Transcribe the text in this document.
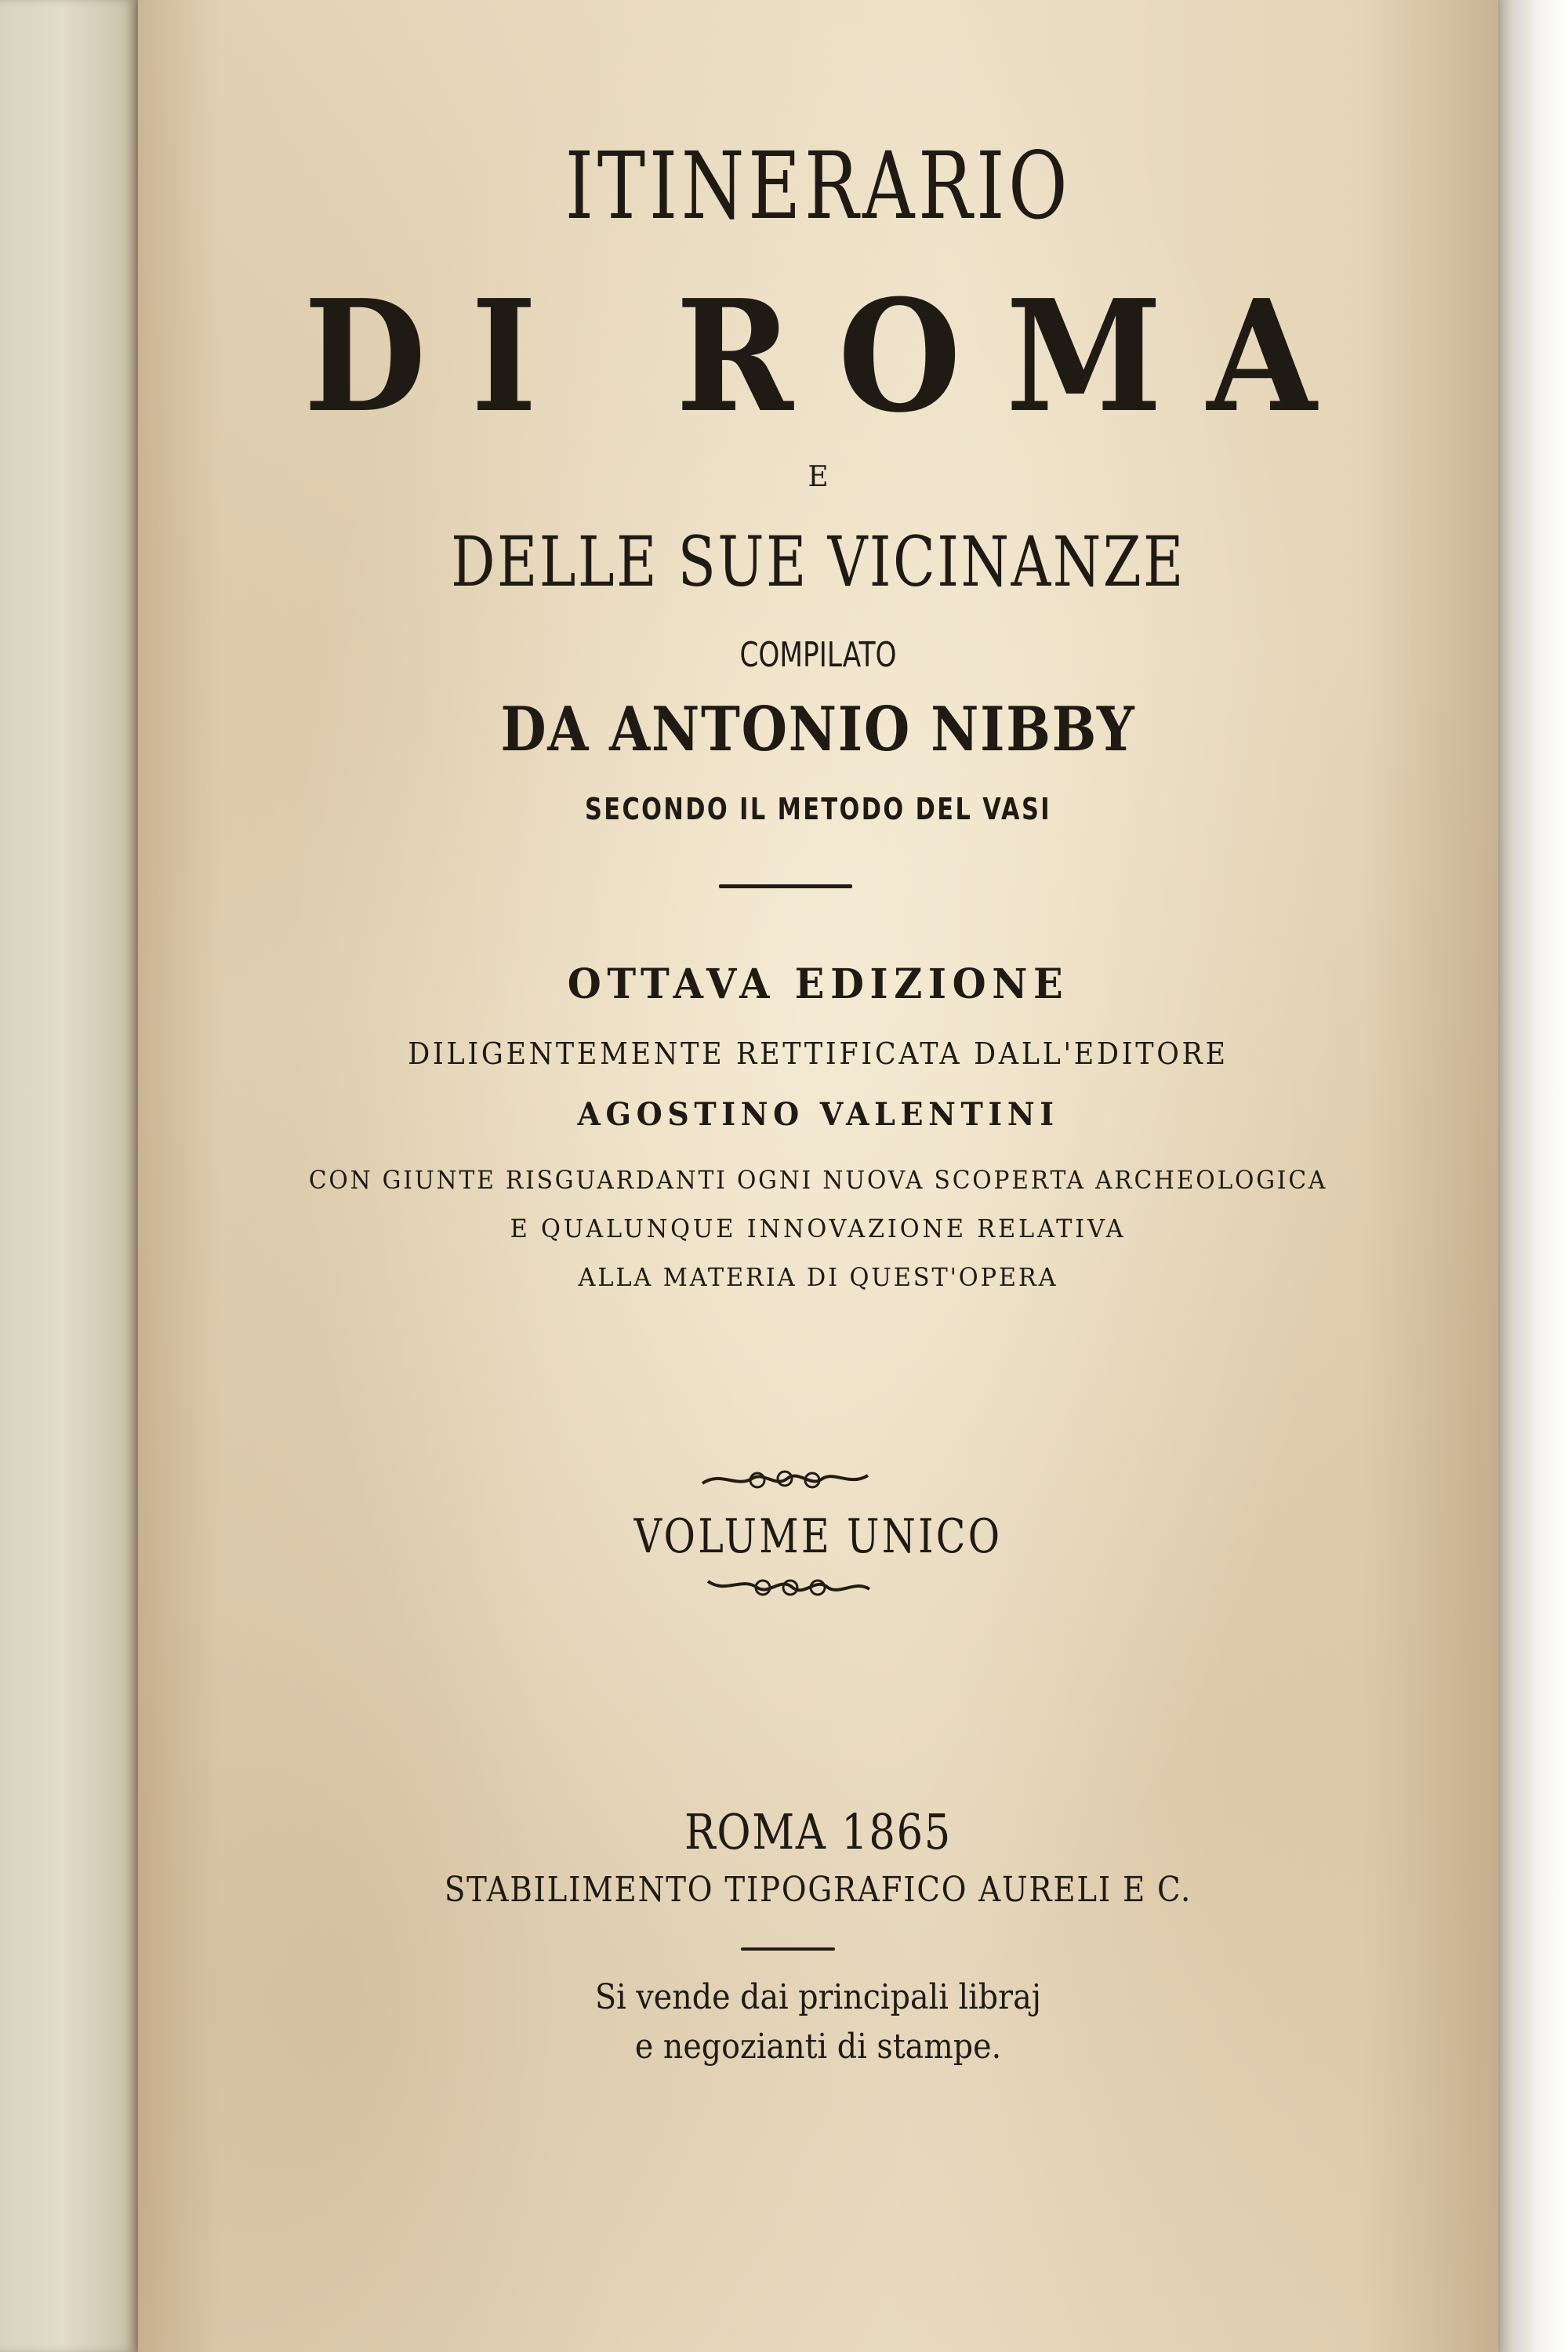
ITINERARIO
DI ROMA
E
DELLE SUE VICINANZE
COMPILATO
DA ANTONIO NIBBY
SECONDO IL METODO DEL VASI
OTTAVA EDIZIONE
DILIGENTEMENTE RETTIFICATA DALL'EDITORE
AGOSTINO VALENTINI
CON GIUNTE RISGUARDANTI OGNI NUOVA SCOPERTA ARCHEOLOGICA
E QUALUNQUE INNOVAZIONE RELATIVA
ALLA MATERIA DI QUEST'OPERA
VOLUME UNICO
ROMA 1865
STABILIMENTO TIPOGRAFICO AURELI E C.
Si vende dai principali libraj
e negozianti di stampe.
